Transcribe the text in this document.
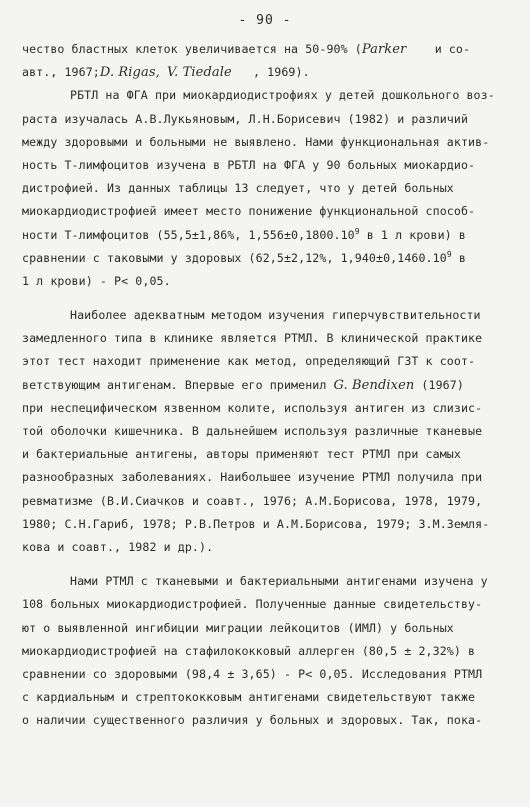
- 90 -
чество бластных клеток увеличивается на 50-90% (Parker и со-
авт., 1967;D. Rigas, V. Tiedale , 1969).
РБТЛ на ФГА при миокардиодистрофиях у детей дошкольного воз-
раста изучалась А.В.Лукьяновым, Л.Н.Борисевич (1982) и различий
между здоровыми и больными не выявлено. Нами функциональная актив-
ность Т-лимфоцитов изучена в РБТЛ на ФГА у 90 больных миокардио-
дистрофией. Из данных таблицы 13 следует, что у детей больных
миокардиодистрофией имеет место понижение функциональной способ-
ности Т-лимфоцитов (55,5±1,86%, $1,556\pm 0,1800.10^9$ в 1 л крови) в
сравнении с таковыми у здоровых (62,5±2,12%, $1,940\pm 0,1460.10^9$ в
1 л крови) - P< 0,05.
Наиболее адекватным методом изучения гиперчувствительности
замедленного типа в клинике является РТМЛ. В клинической практике
этот тест находит применение как метод, определяющий ГЗТ к соот-
ветствующим антигенам. Впервые его применил G. Bendixen (1967)
при неспецифическом язвенном колите, используя антиген из слизис-
той оболочки кишечника. В дальнейшем используя различные тканевые
и бактериальные антигены, авторы применяют тест РТМЛ при самых
разнообразных заболеваниях. Наибольшее изучение РТМЛ получила при
ревматизме (В.И.Сиачков и соавт., 1976; А.М.Борисова, 1978, 1979,
1980; С.Н.Гариб, 1978; Р.В.Петров и А.М.Борисова, 1979; З.М.Земля-
кова и соавт., 1982 и др.).
Нами РТМЛ с тканевыми и бактериальными антигенами изучена у
108 больных миокардиодистрофией. Полученные данные свидетельству-
ют о выявленной ингибиции миграции лейкоцитов (ИМЛ) у больных
миокардиодистрофией на стафилококковый аллерген (80,5 ± 2,32%) в
сравнении со здоровыми (98,4 ± 3,65) - P< 0,05. Исследования РТМЛ
с кардиальным и стрептококковым антигенами свидетельствуют также
о наличии существенного различия у больных и здоровых. Так, пока-
